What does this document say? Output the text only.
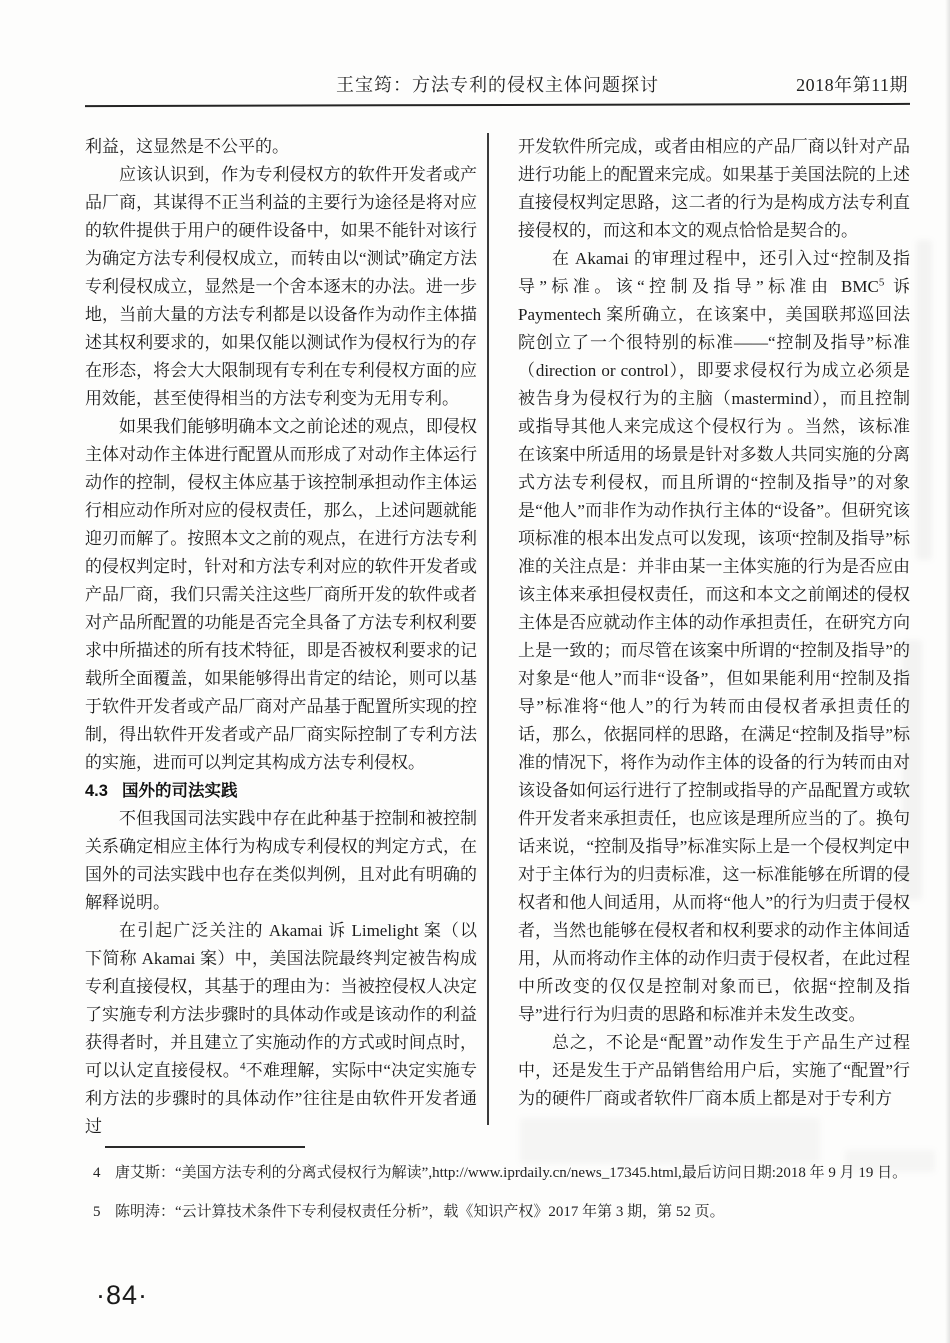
王宝筠：方法专利的侵权主体问题探讨	2018年第11期

利益，这显然是不公平的。

应该认识到，作为专利侵权方的软件开发者或产品厂商，其谋得不正当利益的主要行为途径是将对应的软件提供于用户的硬件设备中，如果不能针对该行为确定方法专利侵权成立，而转由以“测试”确定方法专利侵权成立，显然是一个舍本逐末的办法。进一步地，当前大量的方法专利都是以设备作为动作主体描述其权利要求的，如果仅能以测试作为侵权行为的存在形态，将会大大限制现有专利在专利侵权方面的应用效能，甚至使得相当的方法专利变为无用专利。

如果我们能够明确本文之前论述的观点，即侵权主体对动作主体进行配置从而形成了对动作主体运行动作的控制，侵权主体应基于该控制承担动作主体运行相应动作所对应的侵权责任，那么，上述问题就能迎刃而解了。按照本文之前的观点，在进行方法专利的侵权判定时，针对和方法专利对应的软件开发者或产品厂商，我们只需关注这些厂商所开发的软件或者对产品所配置的功能是否完全具备了方法专利权利要求中所描述的所有技术特征，即是否被权利要求的记载所全面覆盖，如果能够得出肯定的结论，则可以基于软件开发者或产品厂商对产品基于配置所实现的控制，得出软件开发者或产品厂商实际控制了专利方法的实施，进而可以判定其构成方法专利侵权。

4.3 国外的司法实践

不但我国司法实践中存在此种基于控制和被控制关系确定相应主体行为构成专利侵权的判定方式，在国外的司法实践中也存在类似判例，且对此有明确的解释说明。

在引起广泛关注的 Akamai 诉 Limelight 案（以下简称 Akamai 案）中，美国法院最终判定被告构成专利直接侵权，其基于的理由为：当被控侵权人决定了实施专利方法步骤时的具体动作或是该动作的利益获得者时，并且建立了实施动作的方式或时间点时，可以认定直接侵权。$^4$不难理解，实际中“决定实施专利方法的步骤时的具体动作”往往是由软件开发者通过

开发软件所完成，或者由相应的产品厂商以针对产品进行功能上的配置来完成。如果基于美国法院的上述直接侵权判定思路，这二者的行为是构成方法专利直接侵权的，而这和本文的观点恰恰是契合的。

在 Akamai 的审理过程中，还引入过“控制及指导”标准。该“控制及指导”标准由 BMC$^5$ 诉 Paymentech 案所确立，在该案中，美国联邦巡回法院创立了一个很特别的标准——“控制及指导”标准（direction or control），即要求侵权行为成立必须是被告身为侵权行为的主脑（mastermind），而且控制或指导其他人来完成这个侵权行为 。当然，该标准在该案中所适用的场景是针对多数人共同实施的分离式方法专利侵权，而且所谓的“控制及指导”的对象是“他人”而非作为动作执行主体的“设备”。但研究该项标准的根本出发点可以发现，该项“控制及指导”标准的关注点是：并非由某一主体实施的行为是否应由该主体来承担侵权责任，而这和本文之前阐述的侵权主体是否应就动作主体的动作承担责任，在研究方向上是一致的；而尽管在该案中所谓的“控制及指导”的对象是“他人”而非“设备”，但如果能利用“控制及指导”标准将“他人”的行为转而由侵权者承担责任的话，那么，依据同样的思路，在满足“控制及指导”标准的情况下，将作为动作主体的设备的行为转而由对该设备如何运行进行了控制或指导的产品配置方或软件开发者来承担责任，也应该是理所应当的了。换句话来说，“控制及指导”标准实际上是一个侵权判定中对于主体行为的归责标准，这一标准能够在所谓的侵权者和他人间适用，从而将“他人”的行为归责于侵权者，当然也能够在侵权者和权利要求的动作主体间适用，从而将动作主体的动作归责于侵权者，在此过程中所改变的仅仅是控制对象而已，依据“控制及指导”进行行为归责的思路和标准并未发生改变。

总之，不论是“配置”动作发生于产品生产过程中，还是发生于产品销售给用户后，实施了“配置”行为的硬件厂商或者软件厂商本质上都是对于专利方

4 唐艾斯：“美国方法专利的分离式侵权行为解读”,http://www.iprdaily.cn/news_17345.html,最后访问日期:2018 年 9 月 19 日。
5 陈明涛：“云计算技术条件下专利侵权责任分析”，载《知识产权》2017 年第 3 期，第 52 页。
·84·
